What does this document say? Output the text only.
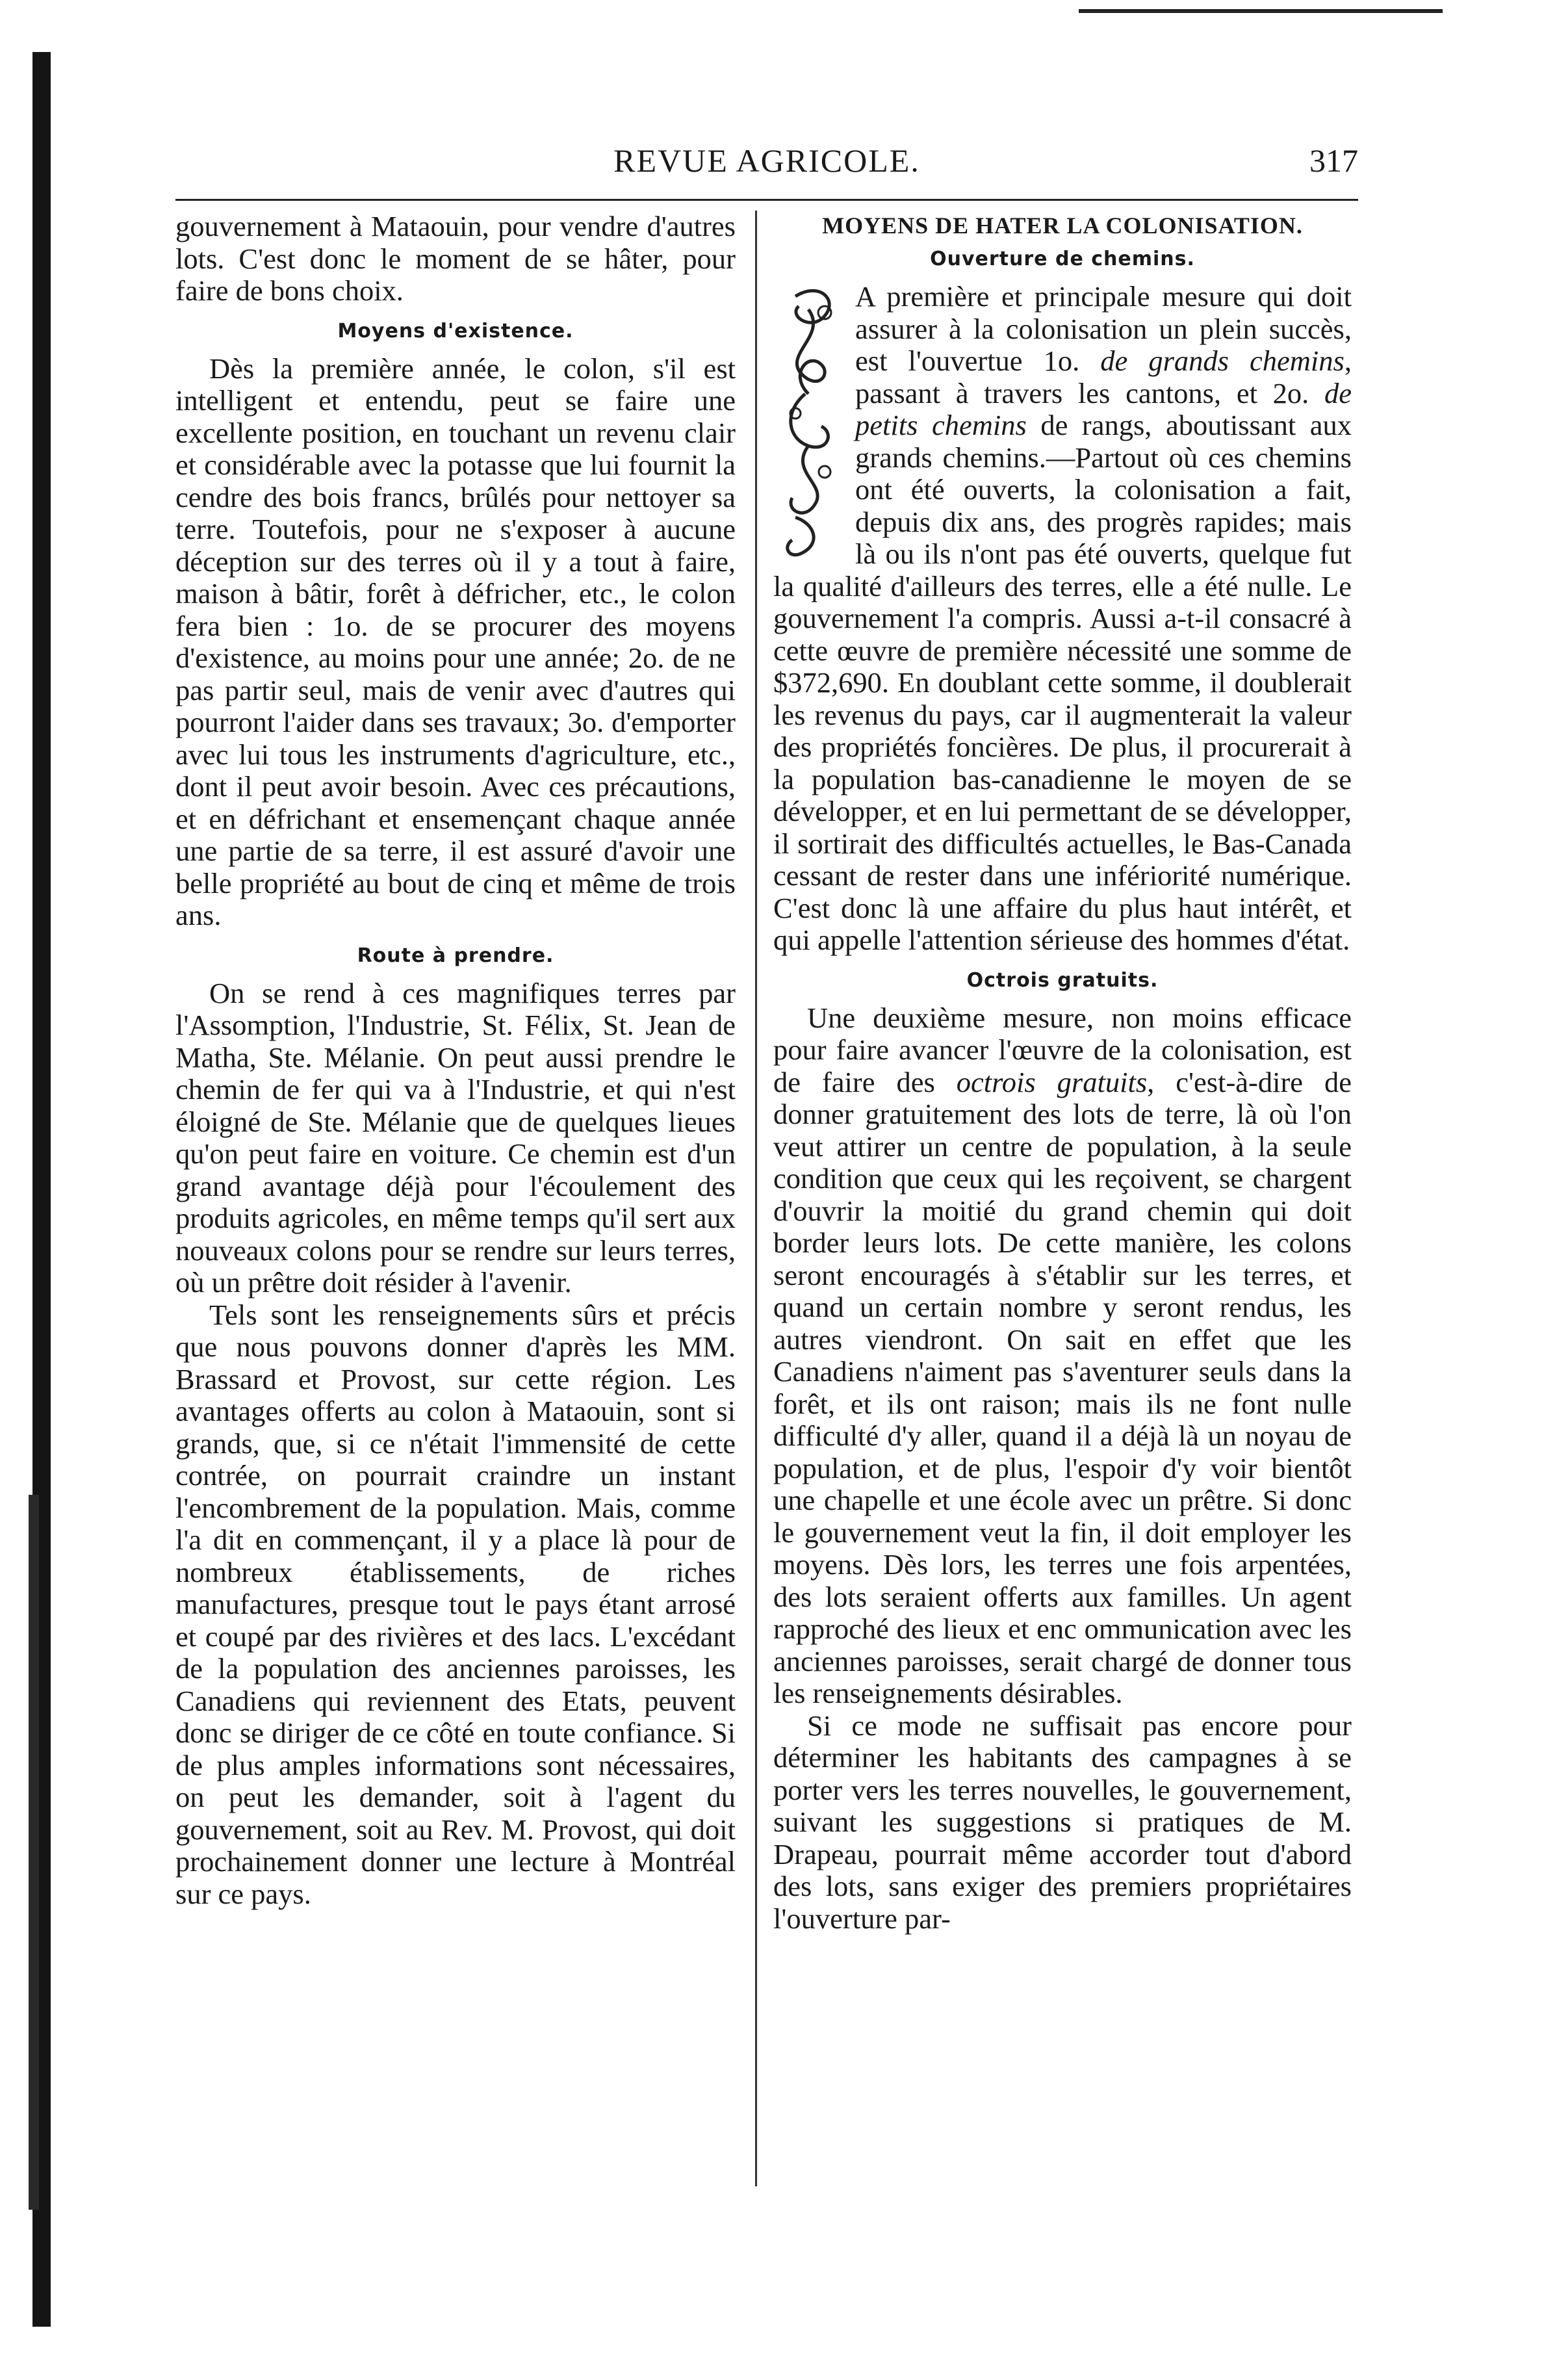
REVUE AGRICOLE.	317

gouvernement à Mataouin, pour vendre d'autres lots. C'est donc le moment de se hâter, pour faire de bons choix.

Moyens d'existence.

Dès la première année, le colon, s'il est intelligent et entendu, peut se faire une excellente position, en touchant un revenu clair et considérable avec la potasse que lui fournit la cendre des bois francs, brûlés pour nettoyer sa terre. Toutefois, pour ne s'exposer à aucune déception sur des terres où il y a tout à faire, maison à bâtir, forêt à défricher, etc., le colon fera bien : 1o. de se procurer des moyens d'existence, au moins pour une année; 2o. de ne pas partir seul, mais de venir avec d'autres qui pourront l'aider dans ses travaux; 3o. d'emporter avec lui tous les instruments d'agriculture, etc., dont il peut avoir besoin. Avec ces précautions, et en défrichant et ensemençant chaque année une partie de sa terre, il est assuré d'avoir une belle propriété au bout de cinq et même de trois ans.

Route à prendre.

On se rend à ces magnifiques terres par l'Assomption, l'Industrie, St. Félix, St. Jean de Matha, Ste. Mélanie. On peut aussi prendre le chemin de fer qui va à l'Industrie, et qui n'est éloigné de Ste. Mélanie que de quelques lieues qu'on peut faire en voiture. Ce chemin est d'un grand avantage déjà pour l'écoulement des produits agricoles, en même temps qu'il sert aux nouveaux colons pour se rendre sur leurs terres, où un prêtre doit résider à l'avenir.

Tels sont les renseignements sûrs et précis que nous pouvons donner d'après les MM. Brassard et Provost, sur cette région. Les avantages offerts au colon à Mataouin, sont si grands, que, si ce n'était l'immensité de cette contrée, on pourrait craindre un instant l'encombrement de la population. Mais, comme l'a dit en commençant, il y a place là pour de nombreux établissements, de riches manufactures, presque tout le pays étant arrosé et coupé par des rivières et des lacs. L'excédant de la population des anciennes paroisses, les Canadiens qui reviennent des Etats, peuvent donc se diriger de ce côté en toute confiance. Si de plus amples informations sont nécessaires, on peut les demander, soit à l'agent du gouvernement, soit au Rev. M. Provost, qui doit prochainement donner une lecture à Montréal sur ce pays.

MOYENS DE HATER LA COLONISATION.
Ouverture de chemins.

A première et principale mesure qui doit assurer à la colonisation un plein succès, est l'ouvertue 1o. de grands chemins, passant à travers les cantons, et 2o. de petits chemins de rangs, aboutissant aux grands chemins.—Partout où ces chemins ont été ouverts, la colonisation a fait, depuis dix ans, des progrès rapides; mais là ou ils n'ont pas été ouverts, quelque fut la qualité d'ailleurs des terres, elle a été nulle. Le gouvernement l'a compris. Aussi a-t-il consacré à cette œuvre de première nécessité une somme de $372,690. En doublant cette somme, il doublerait les revenus du pays, car il augmenterait la valeur des propriétés foncières. De plus, il procurerait à la population bas-canadienne le moyen de se développer, et en lui permettant de se développer, il sortirait des difficultés actuelles, le Bas-Canada cessant de rester dans une infériorité numérique. C'est donc là une affaire du plus haut intérêt, et qui appelle l'attention sérieuse des hommes d'état.

Octrois gratuits.

Une deuxième mesure, non moins efficace pour faire avancer l'œuvre de la colonisation, est de faire des octrois gratuits, c'est-à-dire de donner gratuitement des lots de terre, là où l'on veut attirer un centre de population, à la seule condition que ceux qui les reçoivent, se chargent d'ouvrir la moitié du grand chemin qui doit border leurs lots. De cette manière, les colons seront encouragés à s'établir sur les terres, et quand un certain nombre y seront rendus, les autres viendront. On sait en effet que les Canadiens n'aiment pas s'aventurer seuls dans la forêt, et ils ont raison; mais ils ne font nulle difficulté d'y aller, quand il a déjà là un noyau de population, et de plus, l'espoir d'y voir bientôt une chapelle et une école avec un prêtre. Si donc le gouvernement veut la fin, il doit employer les moyens. Dès lors, les terres une fois arpentées, des lots seraient offerts aux familles. Un agent rapproché des lieux et enc ommunication avec les anciennes paroisses, serait chargé de donner tous les renseignements désirables.

Si ce mode ne suffisait pas encore pour déterminer les habitants des campagnes à se porter vers les terres nouvelles, le gouvernement, suivant les suggestions si pratiques de M. Drapeau, pourrait même accorder tout d'abord des lots, sans exiger des premiers propriétaires l'ouverture par-
